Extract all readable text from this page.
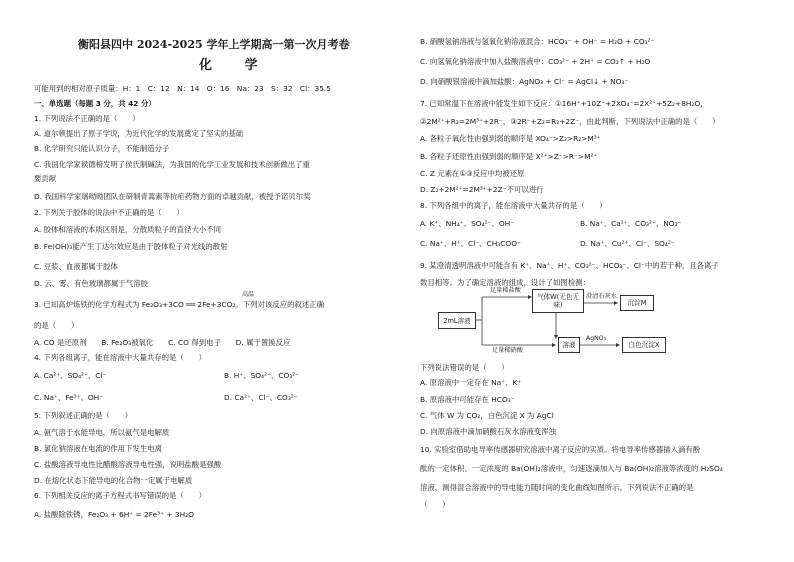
衡阳县四中 2024-2025 学年上学期高一第一次月考卷
化 学
可能用到的相对原子质量：H：1　C：12　N：14　O：16　Na：23　S：32　Cl：35.5
一、单选题（每题 3 分，共 42 分）
1. 下列说法不正确的是（　　）
A. 道尔顿提出了原子学说，为近代化学的发展奠定了坚实的基础
B. 化学研究只能认识分子，不能制造分子
C. 我国化学家侯德榜发明了侯氏制碱法，为我国的化学工业发展和技术创新做出了重
要贡献
D. 我国科学家屠呦呦团队在研制青蒿素等抗疟药物方面的卓越贡献，被授予诺贝尔奖
2. 下列关于胶体的说法中不正确的是（　　）
A. 胶体和溶液的本质区别是，分散质粒子的直径大小不同
B. Fe(OH)₃能产生丁达尔效应是由于胶体粒子对光线的散射
C. 豆浆、血液都属于胶体
D. 云、雾、有色玻璃都属于气溶胶
高温
3. 已知高炉炼铁的化学方程式为 Fe₂O₃+3CO ══ 2Fe+3CO₂。下列对该反应的叙述正确
的是（　　）
A. CO 是还原剂　　B. Fe₂O₃被氧化　　C. CO 得到电子　　D. 属于置换反应
4. 下列各组离子，能在溶液中大量共存的是（　　）
A. Ca²⁺、SO₄²⁻、Cl⁻	B. H⁺、SO₄²⁻、CO₃²⁻
C. Na⁺、Fe³⁺、OH⁻	D. Ca²⁺、Cl⁻、CO₃²⁻
5. 下列叙述正确的是（　　）
A. 氨气溶于水能导电，所以氨气是电解质
B. 氯化钠溶液在电流的作用下发生电离
C. 盐酸溶液导电性比醋酸溶液导电性强，说明盐酸是强酸
D. 在熔化状态下能导电的化合物一定属于电解质
6. 下列相关反应的离子方程式书写错误的是（　　）
A. 盐酸除铁锈，Fe₂O₃ + 6H⁺ = 2Fe³⁺ + 3H₂O
B. 硝酸氢钠溶液与氢氧化钠溶液混合：HCO₃⁻ + OH⁻ = H₂O + CO₃²⁻
C. 向氢氧化钠溶液中加入盐酸溶液中：CO₃²⁻ + 2H⁺ = CO₂↑ + H₂O
D. 向硝酸银溶液中滴加盐酸：AgNO₃ + Cl⁻ = AgCl↓ + NO₃⁻
7. 已知常温下在溶液中能发生如下反应：①16H⁺+10Z⁻+2XO₄⁻=2X²⁺+5Z₂+8H₂O，
②2M²⁺+R₂=2M³⁺+2R⁻，③2R⁻+Z₂=R₂+2Z⁻，由此判断，下列说法中正确的是（　　）
A. 各粒子氧化性由强到弱的顺序是 XO₄⁻>Z₂>R₂>M³⁺
B. 各粒子还原性由强到弱的顺序是 X²⁺>Z⁻>R⁻>M²⁺
C. Z 元素在①③反应中均被还原
D. Z₂+2M²⁺=2M³⁺+2Z⁻不可以进行
8. 下列各组中的离子，能在溶液中大量共存的是（　　）
A. K⁺、NH₄⁺、SO₄²⁻、OH⁻	B. Na⁺、Ca²⁺、CO₃²⁻、NO₃⁻
C. Na⁺、H⁺、Cl⁻、CH₃COO⁻	D. Na⁺、Cu²⁺、Cl⁻、SO₄²⁻
9. 某澄清透明溶液中可能含有 K⁺、Na⁺、H⁺、CO₃²⁻、HCO₃⁻、Cl⁻中的若干种，且各离子
数目相等。为了确定溶液的组成，设计了如图检测：
2mL溶液
足量稀盐酸
气体W(无色无味)
澄清石灰水
沉淀M
足量稀硝酸
溶液
AgNO₃
白色沉淀X
下列说法错误的是（　　）
A. 原溶液中一定存在 Na⁺、K⁺
B. 原溶液中可能存在 HCO₃⁻
C. 气体 W 为 CO₂，白色沉淀 X 为 AgCl
D. 向原溶液中滴加硝酸石灰水溶液变浑浊
10. 实验室借助电导率传感器研究溶液中离子反应的实质。将电导率传感器插入滴有酚
酞的一定体积、一定浓度的 Ba(OH)₂溶液中，匀速逐滴加入与 Ba(OH)₂溶液等浓度的 H₂SO₄
溶液，测得混合溶液中的导电能力随时间的变化曲线如图所示。下列说法不正确的是
（　　）
